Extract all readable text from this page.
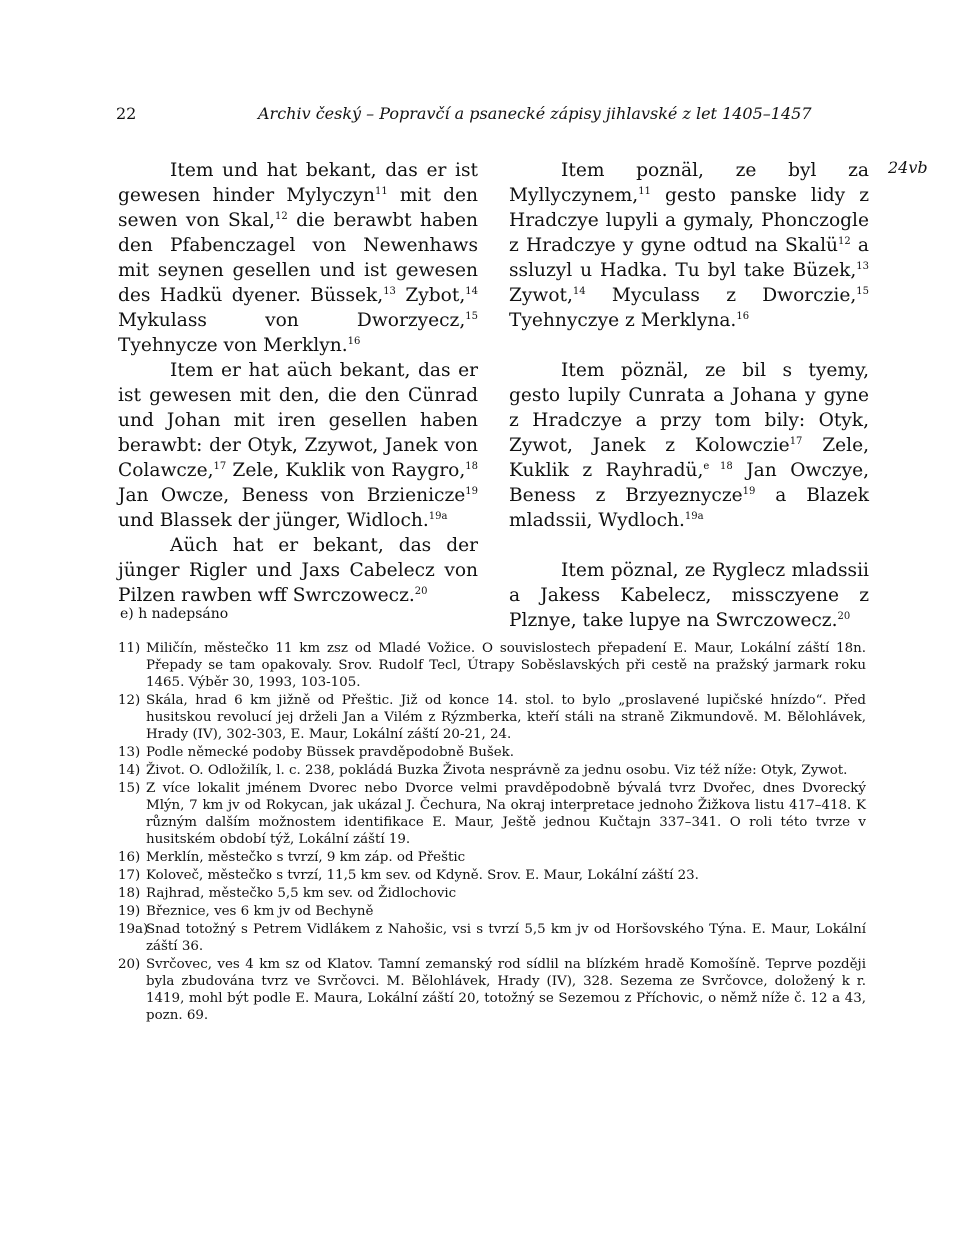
22	Archiv český – Popravčí a psanecké zápisy jihlavské z let 1405–1457

Item und hat bekant, das er ist gewesen hinder Mylyczyn$^{11}$ mit den sewen von Skal,$^{12}$ die berawbt haben den Pfabenczagel von Newenhaws mit seynen gesellen und ist gewesen des Hadkü dyener. Büssek,$^{13}$ Zybot,$^{14}$ Mykulass von Dworzyecz,$^{15}$ Tyehnycze von Merklyn.$^{16}$

Item er hat aüch bekant, das er ist gewesen mit den, die den Cünrad und Johan mit iren gesellen haben berawbt: der Otyk, Zzywot, Janek von Colawcze,$^{17}$ Zele, Kuklik von Raygro,$^{18}$ Jan Owcze, Beness von Brzienicze$^{19}$ und Blassek der jünger, Widloch.$^{19a}$

Aüch hat er bekant, das der jünger Rigler und Jaxs Cabelecz von Pilzen rawben wff Swrczowecz.$^{20}$

Item poznäl, ze byl za Myllyczynem,$^{11}$ gesto panske lidy z Hradczye lupyli a gymaly, Phonczogle z Hradczye y gyne odtud na Skalü$^{12}$ a ssluzyl u Hadka. Tu byl take Büzek,$^{13}$ Zywot,$^{14}$ Myculass z Dworczie,$^{15}$ Tyehnyczye z Merklyna.$^{16}$

Item pöznäl, ze bil s tyemy, gesto lupily Cunrata a Johana y gyne z Hradczye a przy tom bily: Otyk, Zywot, Janek z Kolowczie$^{17}$ Zele, Kuklik z Rayhradü,$^{e 18}$ Jan Owczye, Beness z Brzyeznycze$^{19}$ a Blazek mladssii, Wydloch.$^{19a}$

Item pöznal, ze Ryglecz mladssii a Jakess Kabelecz, missczyene z Plznye, take lupye na Swrczowecz.$^{20}$

24vb
e) h nadepsáno
11) Miličín, městečko 11 km zsz od Mladé Vožice. O souvislostech přepadení E. Maur, Lokální záští 18n. Přepady se tam opakovaly. Srov. Rudolf Tecl, Útrapy Soběslavských při cestě na pražský jarmark roku 1465. Výběr 30, 1993, 103-105.
12) Skála, hrad 6 km jižně od Přeštic. Již od konce 14. stol. to bylo „proslavené lupičské hnízdo“. Před husitskou revolucí jej drželi Jan a Vilém z Rýzmberka, kteří stáli na straně Zikmundově. M. Bělohlávek, Hrady (IV), 302-303, E. Maur, Lokální záští 20-21, 24.
13) Podle německé podoby Büssek pravděpodobně Bušek.
14) Život. O. Odložilík, l. c. 238, pokládá Buzka Života nesprávně za jednu osobu. Viz též níže: Otyk, Zywot.
15) Z více lokalit jménem Dvorec nebo Dvorce velmi pravděpodobně bývalá tvrz Dvořec, dnes Dvorecký Mlýn, 7 km jv od Rokycan, jak ukázal J. Čechura, Na okraj interpretace jednoho Žižkova listu 417–418. K různým dalším možnostem identifikace E. Maur, Ještě jednou Kučtajn 337–341. O roli této tvrze v husitském období týž, Lokální záští 19.
16) Merklín, městečko s tvrzí, 9 km záp. od Přeštic
17) Koloveč, městečko s tvrzí, 11,5 km sev. od Kdyně. Srov. E. Maur, Lokální záští 23.
18) Rajhrad, městečko 5,5 km sev. od Židlochovic
19) Březnice, ves 6 km jv od Bechyně
19a)
Snad totožný s Petrem Vidlákem z Nahošic, vsi s tvrzí 5,5 km jv od Horšovského Týna. E. Maur, Lokální záští 36.
20) Svrčovec, ves 4 km sz od Klatov. Tamní zemanský rod sídlil na blízkém hradě Komošíně. Teprve později byla zbudována tvrz ve Svrčovci. M. Bělohlávek, Hrady (IV), 328. Sezema ze Svrčovce, doložený k r. 1419, mohl být podle E. Maura, Lokální záští 20, totožný se Sezemou z Příchovic, o němž níže č. 12 a 43, pozn. 69.
